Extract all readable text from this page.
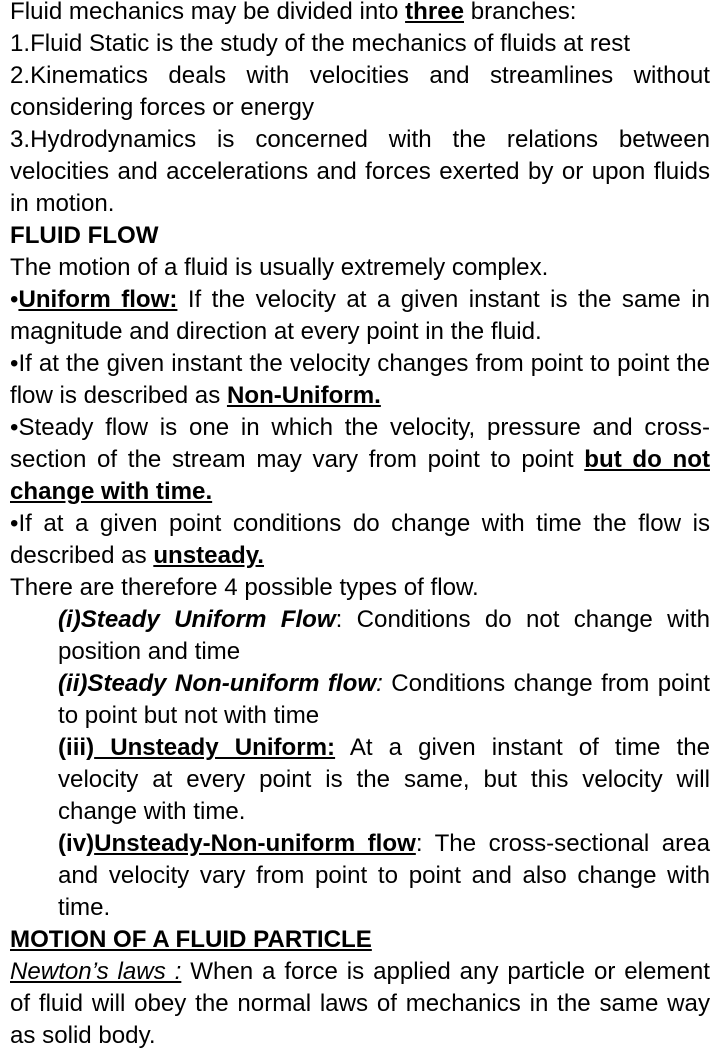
Fluid mechanics may be divided into three branches:

1.Fluid Static is the study of the mechanics of fluids at rest

2.Kinematics deals with velocities and streamlines without considering forces or energy

3.Hydrodynamics is concerned with the relations between velocities and accelerations and forces exerted by or upon fluids in motion.

FLUID FLOW

The motion of a fluid is usually extremely complex.

•Uniform flow: If the velocity at a given instant is the same in magnitude and direction at every point in the fluid.

•If at the given instant the velocity changes from point to point the flow is described as Non-Uniform.

•Steady flow is one in which the velocity, pressure and cross-section of the stream may vary from point to point but do not change with time.

•If at a given point conditions do change with time the flow is described as unsteady.

There are therefore 4 possible types of flow.

(i)Steady Uniform Flow: Conditions do not change with position and time

(ii)Steady Non-uniform flow: Conditions change from point to point but not with time

(iii) Unsteady Uniform: At a given instant of time the velocity at every point is the same, but this velocity will change with time.

(iv)Unsteady-Non-uniform flow: The cross-sectional area and velocity vary from point to point and also change with time.

MOTION OF A FLUID PARTICLE

Newton’s laws : When a force is applied any particle or element of fluid will obey the normal laws of mechanics in the same way as solid body.
